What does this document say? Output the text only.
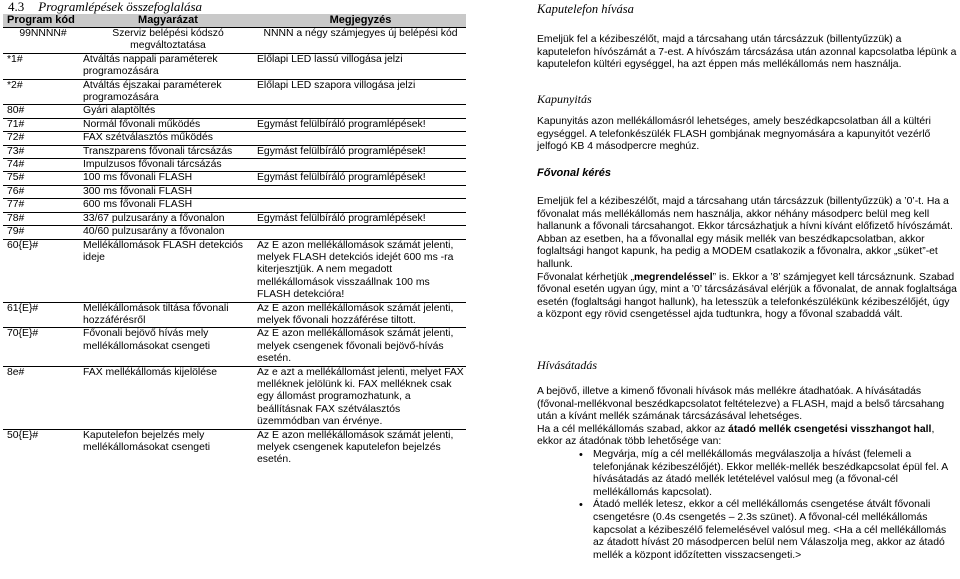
4.3 Programlépések összefoglalása
Program kód	Magyarázat	Megjegyzés
99NNNN#	Szerviz belépési kódszó megváltoztatása	NNNN a négy számjegyes új belépési kód
*1#	Átváltás nappali paraméterek programozására	Előlapi LED lassú villogása jelzi
*2#	Átváltás éjszakai paraméterek programozására	Előlapi LED szapora villogása jelzi
80#	Gyári alaptöltés	
71#	Normál fővonali működés	Egymást felülbíráló programlépések!
72#	FAX szétválasztós működés	
73#	Transzparens fővonali tárcsázás	Egymást felülbíráló programlépések!
74#	Impulzusos fővonali tárcsázás	
75#	100 ms fővonali FLASH	Egymást felülbíráló programlépések!
76#	300 ms fővonali FLASH	
77#	600 ms fővonali FLASH	
78#	33/67 pulzusarány a fővonalon	Egymást felülbíráló programlépések!
79#	40/60 pulzusarány a fővonalon	
60{E}#	Mellékállomások FLASH detekciós ideje	Az E azon mellékállomások számát jelenti, melyek FLASH detekciós idejét 600 ms -ra kiterjesztjük. A nem megadott mellékállomások visszaállnak 100 ms FLASH detekcióra!
61{E}#	Mellékállomások tiltása fővonali hozzáférésről	Az E azon mellékállomások számát jelenti, melyek fővonali hozzáférése tiltott.
70{E}#	Fővonali bejövő hívás mely mellékállomásokat csengeti	Az E azon mellékállomások számát jelenti, melyek csengenek fővonali bejövő-hívás esetén.
8e#	FAX mellékállomás kijelölése	Az e azt a mellékállomást jelenti, melyet FAX melléknek jelölünk ki. FAX melléknek csak egy állomást programozhatunk, a beállításnak FAX szétválasztós üzemmódban van érvénye.
50{E}#	Kaputelefon bejelzés mely mellékállomásokat csengeti	Az E azon mellékállomások számát jelenti, melyek csengenek kaputelefon bejelzés esetén.

Kaputelefon hívása

Emeljük fel a kézibeszélőt, majd a tárcsahang után tárcsázzuk (billentyűzzük) a kaputelefon hívószámát a 7-est. A hívószám tárcsázása után azonnal kapcsolatba lépünk a kaputelefon kültéri egységgel, ha azt éppen más mellékállomás nem használja.

Kapunyitás

Kapunyitás azon mellékállomásról lehetséges, amely beszédkapcsolatban áll a kültéri egységgel. A telefonkészülék FLASH gombjának megnyomására a kapunyitót vezérlő jelfogó KB 4 másodpercre meghúz.

Fővonal kérés

Emeljük fel a kézibeszélőt, majd a tárcsahang után tárcsázzuk (billentyűzzük) a ’0’-t. Ha a fővonalat más mellékállomás nem használja, akkor néhány másodperc belül meg kell hallanunk a fővonali tárcsahangot. Ekkor tárcsázhatjuk a hívni kívánt előfizető hívószámát.

Abban az esetben, ha a fővonallal egy másik mellék van beszédkapcsolatban, akkor foglaltsági hangot kapunk, ha pedig a MODEM csatlakozik a fővonalra, akkor „süket”-et hallunk.

Fővonalat kérhetjük „megrendeléssel” is. Ekkor a ’8’ számjegyet kell tárcsáznunk. Szabad fővonal esetén ugyan úgy, mint a ’0’ tárcsázásával elérjük a fővonalat, de annak foglaltsága esetén (foglaltsági hangot hallunk), ha letesszük a telefonkészülékünk kézibeszélőjét, úgy a központ egy rövid csengetéssel ajda tudtunkra, hogy a fővonal szabaddá vált.

Hívásátadás

A bejövő, illetve a kimenő fővonali hívások más mellékre átadhatóak. A hívásátadás (fővonal-mellékvonal beszédkapcsolatot feltételezve) a FLASH, majd a belső tárcsahang után a kívánt mellék számának tárcsázásával lehetséges.

Ha a cél mellékállomás szabad, akkor az átadó mellék csengetési visszhangot hall, ekkor az átadónak több lehetősége van:

• Megvárja, míg a cél mellékállomás megválaszolja a hívást (felemeli a telefonjának kézibeszélőjét). Ekkor mellék-mellék beszédkapcsolat épül fel. A hívásátadás az átadó mellék letételével valósul meg (a fővonal-cél mellékállomás kapcsolat).
• Átadó mellék letesz, ekkor a cél mellékállomás csengetése átvált fővonali csengetésre (0.4s csengetés – 2.3s szünet). A fővonal-cél mellékállomás kapcsolat a kézibeszélő felemelésével valósul meg. <Ha a cél mellékállomás az átadott hívást 20 másodpercen belül nem Válaszolja meg, akkor az átadó mellék a központ időzítetten visszacsengeti.>
